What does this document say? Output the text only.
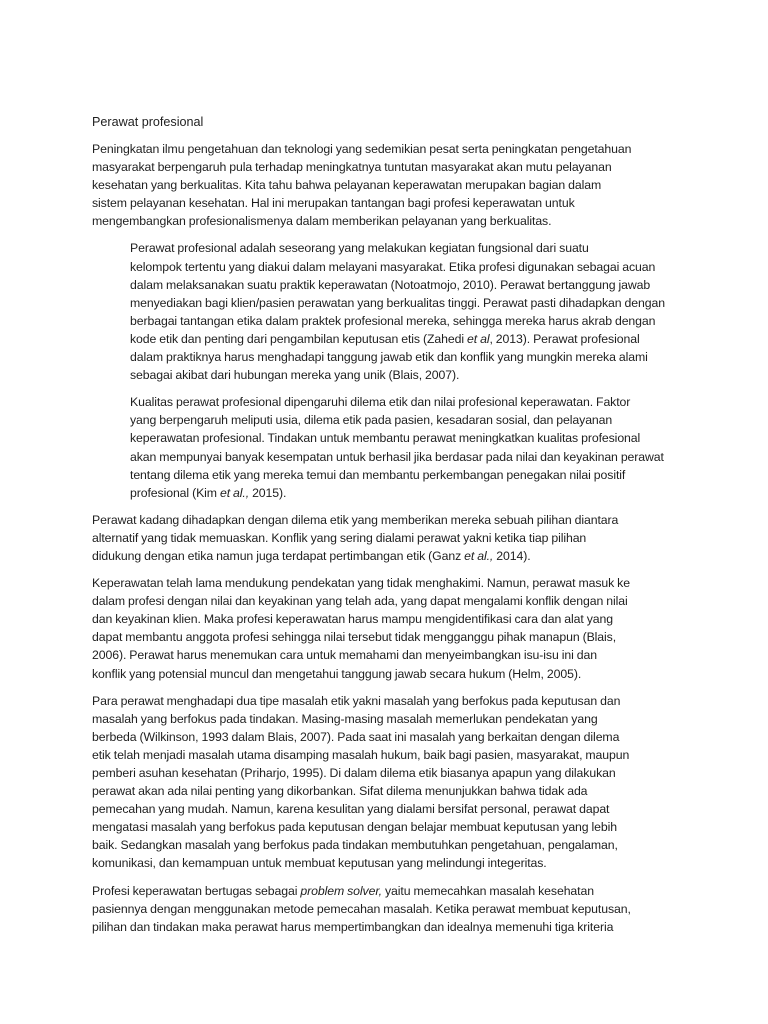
Perawat profesional

Peningkatan ilmu pengetahuan dan teknologi yang sedemikian pesat serta peningkatan pengetahuan
masyarakat berpengaruh pula terhadap meningkatnya tuntutan masyarakat akan mutu pelayanan
kesehatan yang berkualitas. Kita tahu bahwa pelayanan keperawatan merupakan bagian dalam
sistem pelayanan kesehatan. Hal ini merupakan tantangan bagi profesi keperawatan untuk
mengembangkan profesionalismenya dalam memberikan pelayanan yang berkualitas.

Perawat profesional adalah seseorang yang melakukan kegiatan fungsional dari suatu
kelompok tertentu yang diakui dalam melayani masyarakat. Etika profesi digunakan sebagai acuan
dalam melaksanakan suatu praktik keperawatan (Notoatmojo, 2010). Perawat bertanggung jawab
menyediakan bagi klien/pasien perawatan yang berkualitas tinggi. Perawat pasti dihadapkan dengan
berbagai tantangan etika dalam praktek profesional mereka, sehingga mereka harus akrab dengan
kode etik dan penting dari pengambilan keputusan etis (Zahedi et al, 2013). Perawat profesional
dalam praktiknya harus menghadapi tanggung jawab etik dan konflik yang mungkin mereka alami
sebagai akibat dari hubungan mereka yang unik (Blais, 2007).

Kualitas perawat profesional dipengaruhi dilema etik dan nilai profesional keperawatan. Faktor
yang berpengaruh meliputi usia, dilema etik pada pasien, kesadaran sosial, dan pelayanan
keperawatan profesional. Tindakan untuk membantu perawat meningkatkan kualitas profesional
akan mempunyai banyak kesempatan untuk berhasil jika berdasar pada nilai dan keyakinan perawat
tentang dilema etik yang mereka temui dan membantu perkembangan penegakan nilai positif
profesional (Kim et al., 2015).

Perawat kadang dihadapkan dengan dilema etik yang memberikan mereka sebuah pilihan diantara
alternatif yang tidak memuaskan. Konflik yang sering dialami perawat yakni ketika tiap pilihan
didukung dengan etika namun juga terdapat pertimbangan etik (Ganz et al., 2014).

Keperawatan telah lama mendukung pendekatan yang tidak menghakimi. Namun, perawat masuk ke
dalam profesi dengan nilai dan keyakinan yang telah ada, yang dapat mengalami konflik dengan nilai
dan keyakinan klien. Maka profesi keperawatan harus mampu mengidentifikasi cara dan alat yang
dapat membantu anggota profesi sehingga nilai tersebut tidak mengganggu pihak manapun (Blais,
2006). Perawat harus menemukan cara untuk memahami dan menyeimbangkan isu-isu ini dan
konflik yang potensial muncul dan mengetahui tanggung jawab secara hukum (Helm, 2005).

Para perawat menghadapi dua tipe masalah etik yakni masalah yang berfokus pada keputusan dan
masalah yang berfokus pada tindakan. Masing-masing masalah memerlukan pendekatan yang
berbeda (Wilkinson, 1993 dalam Blais, 2007). Pada saat ini masalah yang berkaitan dengan dilema
etik telah menjadi masalah utama disamping masalah hukum, baik bagi pasien, masyarakat, maupun
pemberi asuhan kesehatan (Priharjo, 1995). Di dalam dilema etik biasanya apapun yang dilakukan
perawat akan ada nilai penting yang dikorbankan. Sifat dilema menunjukkan bahwa tidak ada
pemecahan yang mudah. Namun, karena kesulitan yang dialami bersifat personal, perawat dapat
mengatasi masalah yang berfokus pada keputusan dengan belajar membuat keputusan yang lebih
baik. Sedangkan masalah yang berfokus pada tindakan membutuhkan pengetahuan, pengalaman,
komunikasi, dan kemampuan untuk membuat keputusan yang melindungi integeritas.

Profesi keperawatan bertugas sebagai problem solver, yaitu memecahkan masalah kesehatan
pasiennya dengan menggunakan metode pemecahan masalah. Ketika perawat membuat keputusan,
pilihan dan tindakan maka perawat harus mempertimbangkan dan idealnya memenuhi tiga kriteria
